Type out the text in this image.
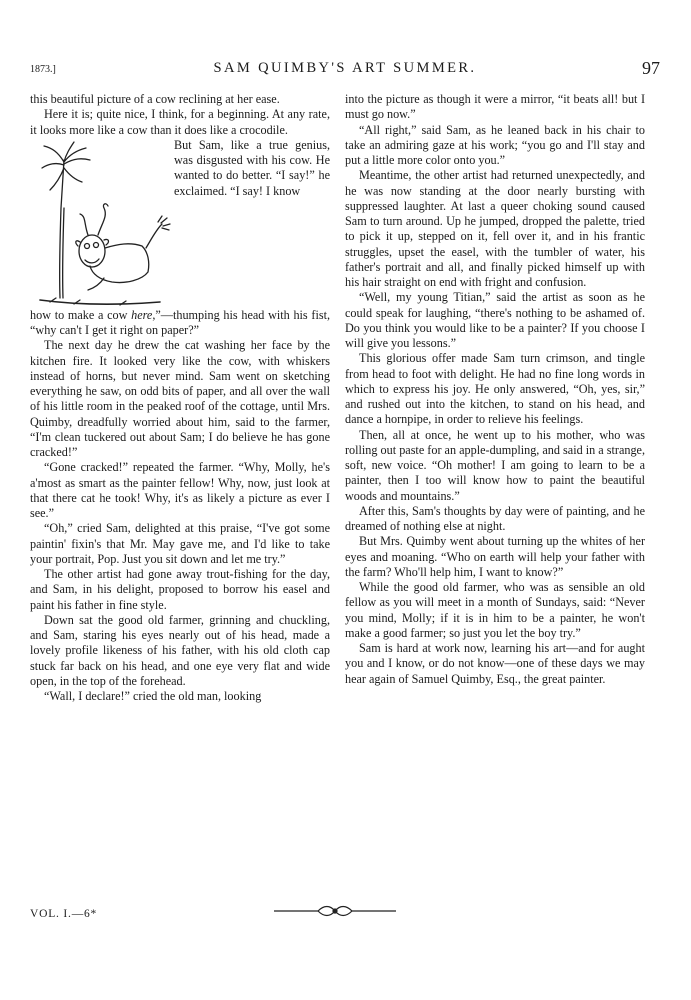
1873.]	SAM QUIMBY'S ART SUMMER.	97

this beautiful picture of a cow reclining at her ease.

Here it is; quite nice, I think, for a beginning. At any rate, it looks more like a cow than it does like a crocodile.

But Sam, like a true genius, was disgusted with his cow. He wanted to do better. “I say!” he exclaimed. “I say! I know

how to make a cow here,”—thumping his head with his fist, “why can't I get it right on paper?”

The next day he drew the cat washing her face by the kitchen fire. It looked very like the cow, with whiskers instead of horns, but never mind. Sam went on sketching everything he saw, on odd bits of paper, and all over the wall of his little room in the peaked roof of the cottage, until Mrs. Quimby, dreadfully worried about him, said to the farmer, “I'm clean tuckered out about Sam; I do believe he has gone cracked!”

“Gone cracked!” repeated the farmer. “Why, Molly, he's a'most as smart as the painter fellow! Why, now, just look at that there cat he took! Why, it's as likely a picture as ever I see.”

“Oh,” cried Sam, delighted at this praise, “I've got some paintin' fixin's that Mr. May gave me, and I'd like to take your portrait, Pop. Just you sit down and let me try.”

The other artist had gone away trout-fishing for the day, and Sam, in his delight, proposed to borrow his easel and paint his father in fine style.

Down sat the good old farmer, grinning and chuckling, and Sam, staring his eyes nearly out of his head, made a lovely profile likeness of his father, with his old cloth cap stuck far back on his head, and one eye very flat and wide open, in the top of the forehead.

“Wall, I declare!” cried the old man, looking

into the picture as though it were a mirror, “it beats all! but I must go now.”

“All right,” said Sam, as he leaned back in his chair to take an admiring gaze at his work; “you go and I'll stay and put a little more color onto you.”

Meantime, the other artist had returned unexpectedly, and he was now standing at the door nearly bursting with suppressed laughter. At last a queer choking sound caused Sam to turn around. Up he jumped, dropped the palette, tried to pick it up, stepped on it, fell over it, and in his frantic struggles, upset the easel, with the tumbler of water, his father's portrait and all, and finally picked himself up with his hair straight on end with fright and confusion.

“Well, my young Titian,” said the artist as soon as he could speak for laughing, “there's nothing to be ashamed of. Do you think you would like to be a painter? If you choose I will give you lessons.”

This glorious offer made Sam turn crimson, and tingle from head to foot with delight. He had no fine long words in which to express his joy. He only answered, “Oh, yes, sir,” and rushed out into the kitchen, to stand on his head, and dance a hornpipe, in order to relieve his feelings.

Then, all at once, he went up to his mother, who was rolling out paste for an apple-dumpling, and said in a strange, soft, new voice. “Oh mother! I am going to learn to be a painter, then I too will know how to paint the beautiful woods and mountains.”

After this, Sam's thoughts by day were of painting, and he dreamed of nothing else at night.

But Mrs. Quimby went about turning up the whites of her eyes and moaning. “Who on earth will help your father with the farm? Who'll help him, I want to know?”

While the good old farmer, who was as sensible an old fellow as you will meet in a month of Sundays, said: “Never you mind, Molly; if it is in him to be a painter, he won't make a good farmer; so just you let the boy try.”

Sam is hard at work now, learning his art—and for aught you and I know, or do not know—one of these days we may hear again of Samuel Quimby, Esq., the great painter.

VOL. I.—6*
